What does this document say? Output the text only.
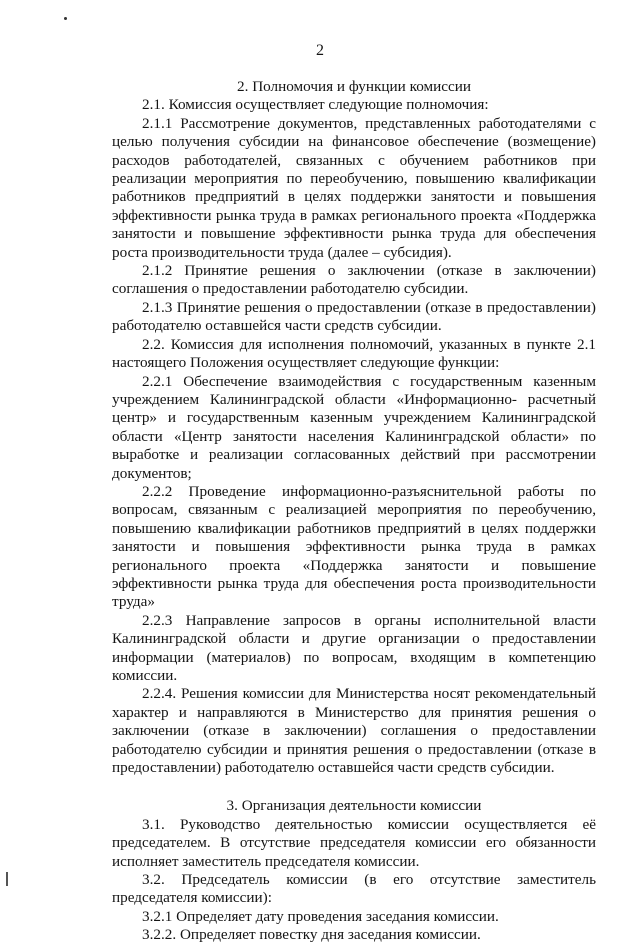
2

2. Полномочия и функции комиссии

2.1. Комиссия осуществляет следующие полномочия:

2.1.1 Рассмотрение документов, представленных работодателями с целью получения субсидии на финансовое обеспечение (возмещение) расходов работодателей, связанных с обучением работников при реализации мероприятия по переобучению, повышению квалификации работников предприятий в целях поддержки занятости и повышения эффективности рынка труда в рамках регионального проекта «Поддержка занятости и повышение эффективности рынка труда для обеспечения роста производительности труда (далее – субсидия).

2.1.2 Принятие решения о заключении (отказе в заключении) соглашения о предоставлении работодателю субсидии.

2.1.3 Принятие решения о предоставлении (отказе в предоставлении) работодателю оставшейся части средств субсидии.

2.2. Комиссия для исполнения полномочий, указанных в пункте 2.1 настоящего Положения осуществляет следующие функции:

2.2.1 Обеспечение взаимодействия с государственным казенным учреждением Калининградской области «Информационно- расчетный центр» и государственным казенным учреждением Калининградской области «Центр занятости населения Калининградской области» по выработке и реализации согласованных действий при рассмотрении документов;

2.2.2 Проведение информационно-разъяснительной работы по вопросам, связанным с реализацией мероприятия по переобучению, повышению квалификации работников предприятий в целях поддержки занятости и повышения эффективности рынка труда в рамках регионального проекта «Поддержка занятости и повышение эффективности рынка труда для обеспечения роста производительности труда»

2.2.3 Направление запросов в органы исполнительной власти Калининградской области и другие организации о предоставлении информации (материалов) по вопросам, входящим в компетенцию комиссии.

2.2.4. Решения комиссии для Министерства носят рекомендательный характер и направляются в Министерство для принятия решения о заключении (отказе в заключении) соглашения о предоставлении работодателю субсидии и принятия решения о предоставлении (отказе в предоставлении) работодателю оставшейся части средств субсидии.

3. Организация деятельности комиссии

3.1. Руководство деятельностью комиссии осуществляется её председателем. В отсутствие председателя комиссии его обязанности исполняет заместитель председателя комиссии.

3.2. Председатель комиссии (в его отсутствие заместитель председателя комиссии):

3.2.1 Определяет дату проведения заседания комиссии.

3.2.2. Определяет повестку дня заседания комиссии.
